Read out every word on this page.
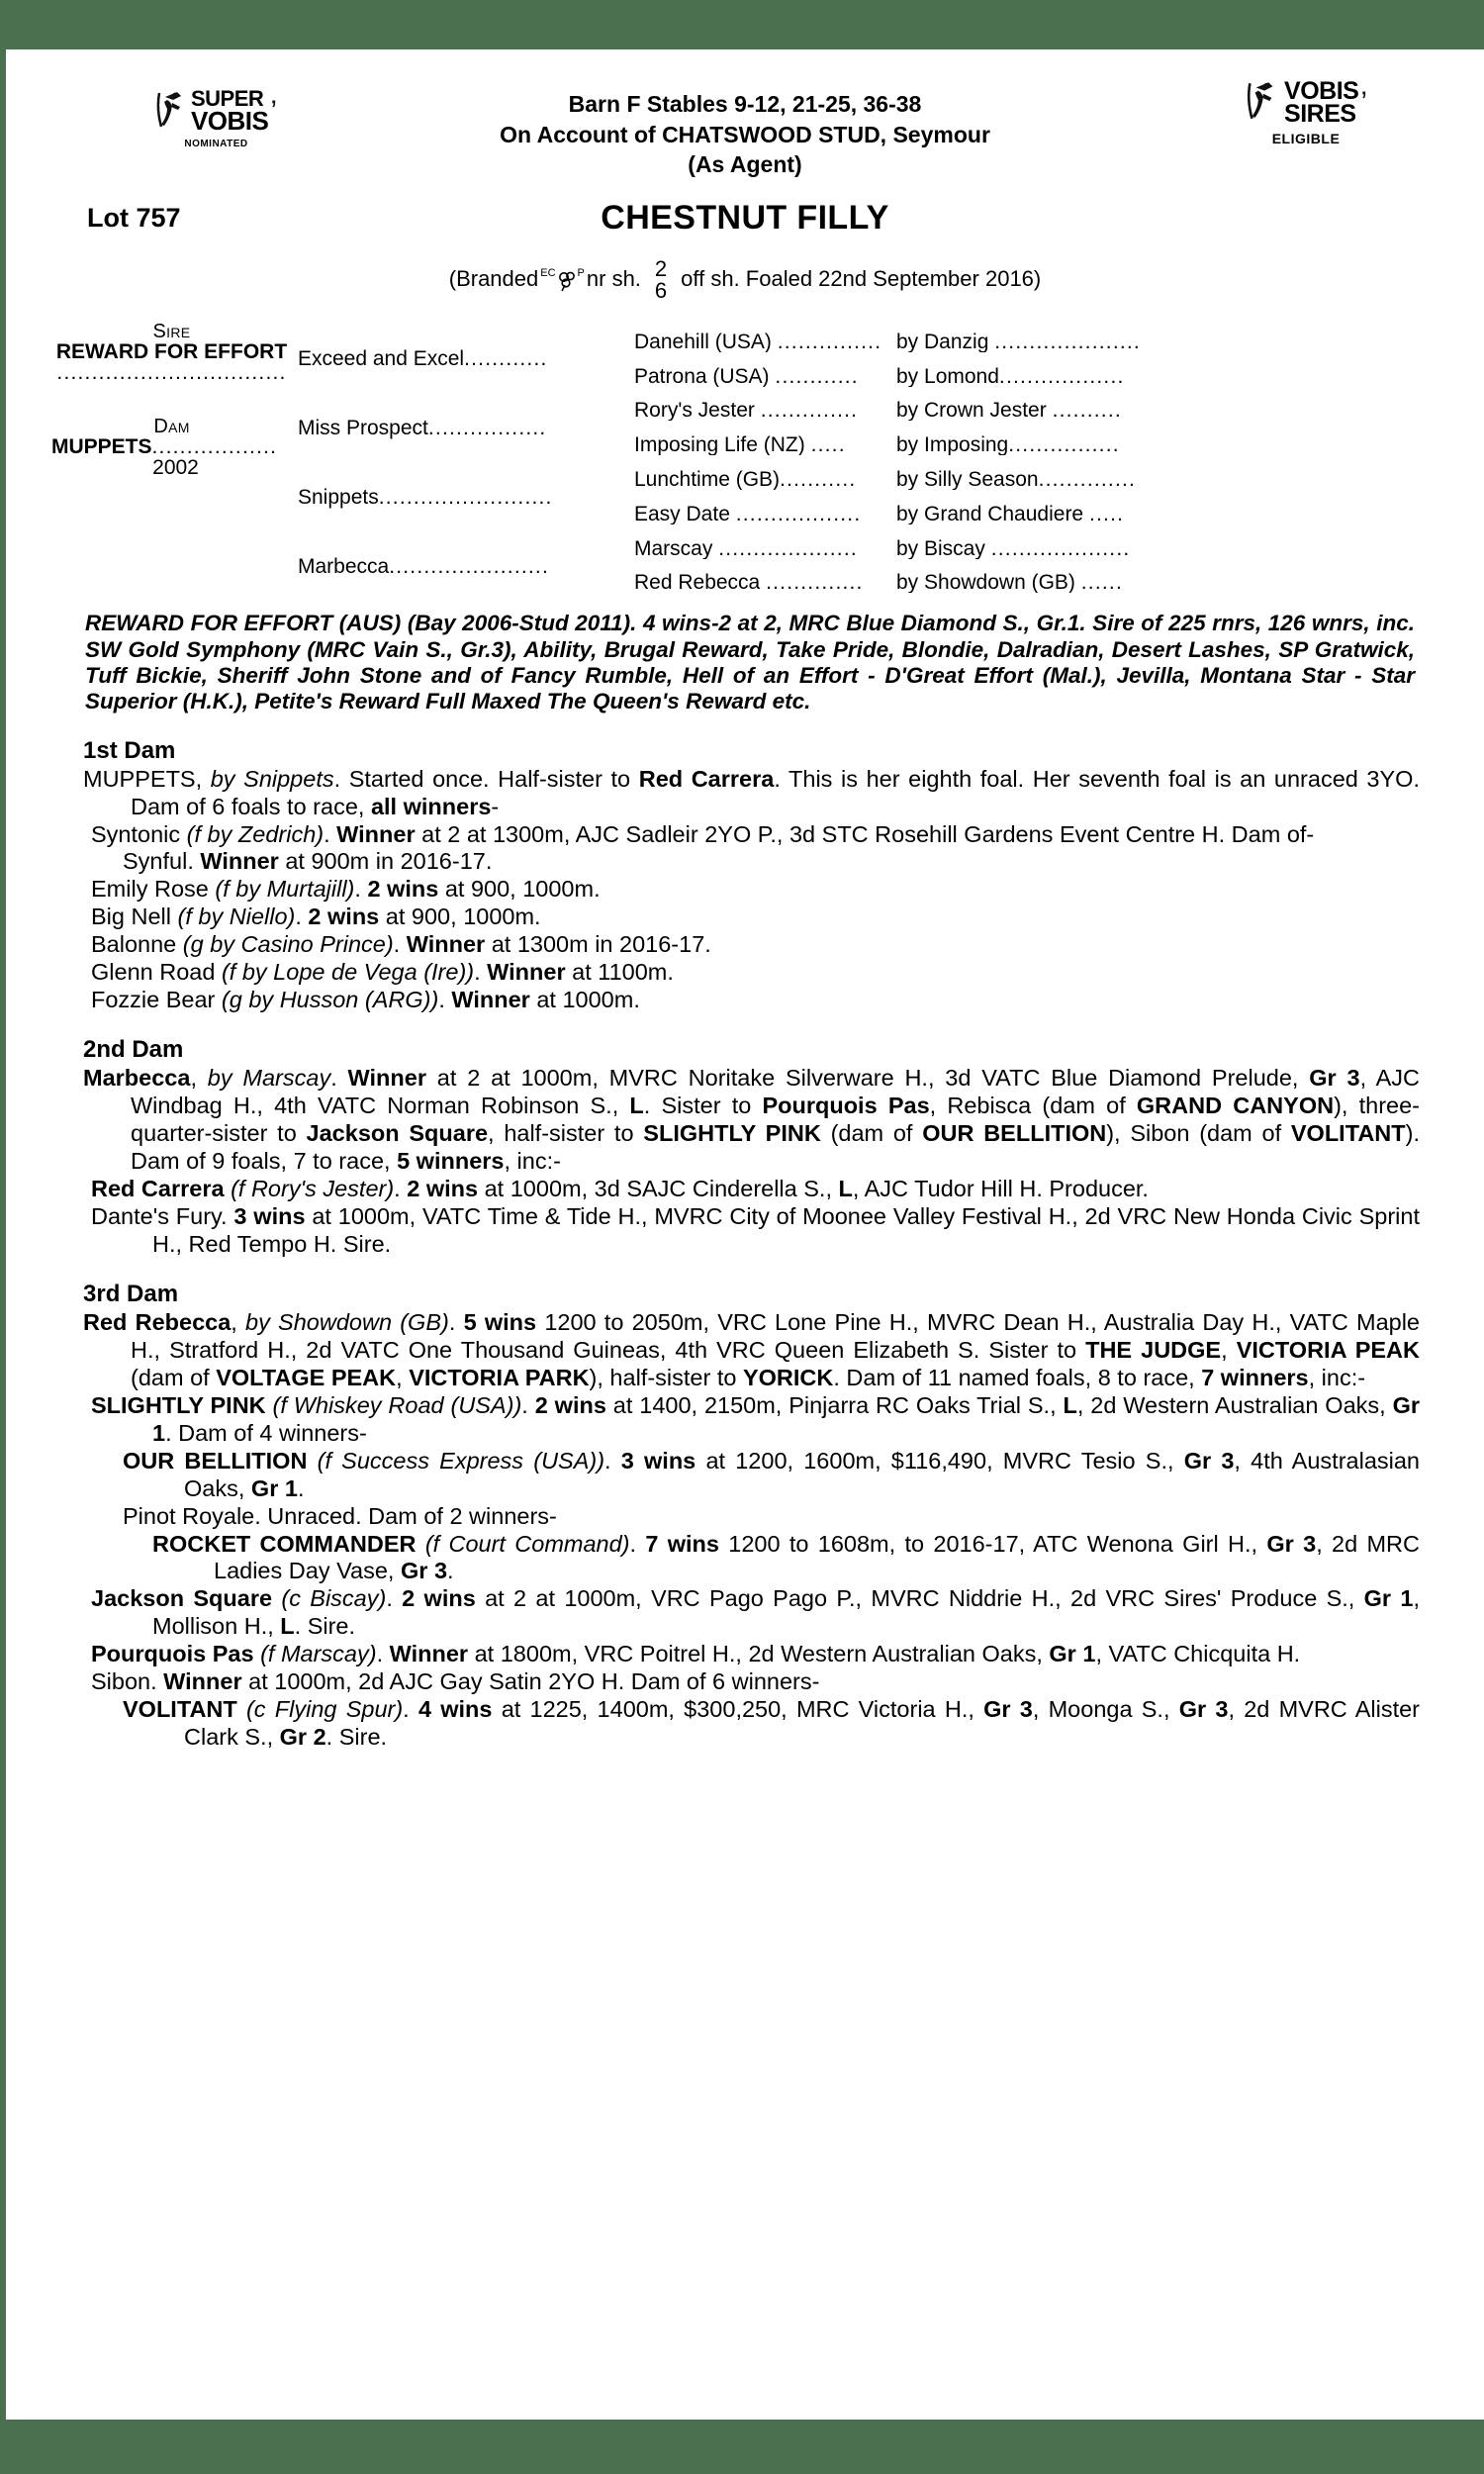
SUPER
VOBIS ’
NOMINATED
Barn F Stables 9-12, 21-25, 36-38
On Account of CHATSWOOD STUD, Seymour
(As Agent)
VOBIS
SIRES ’
ELIGIBLE
Lot 757	CHESTNUT FILLY
(Branded EC P nr sh. 2
6 off sh. Foaled 22nd September 2016)
Sire
REWARD FOR EFFORT
.................................
Dam
MUPPETS..................
2002
Exceed and Excel ............
Miss Prospect .................
Snippets .........................
Marbecca .......................
Danehill (USA) ............... by Danzig .....................
Patrona (USA) ............	by Lomond..................
Rory's Jester ..............	by Crown Jester ..........
Imposing Life (NZ) .....	by Imposing................
Lunchtime (GB)...........	by Silly Season..............
Easy Date ..................	by Grand Chaudiere .....
Marscay ....................	by Biscay ....................
Red Rebecca ..............	by Showdown (GB) ......
REWARD FOR EFFORT (AUS) (Bay 2006-Stud 2011). 4 wins-2 at 2, MRC Blue Diamond S., Gr.1. Sire of 225 rnrs, 126 wnrs, inc. SW Gold Symphony (MRC Vain S., Gr.3), Ability, Brugal Reward, Take Pride, Blondie, Dalradian, Desert Lashes, SP Gratwick, Tuff Bickie, Sheriff John Stone and of Fancy Rumble, Hell of an Effort - D'Great Effort (Mal.), Jevilla, Montana Star - Star Superior (H.K.), Petite's Reward Full Maxed The Queen's Reward etc.
1st Dam
MUPPETS, by Snippets. Started once. Half-sister to Red Carrera. This is her eighth foal. Her seventh foal is an unraced 3YO. Dam of 6 foals to race, all winners-
Syntonic (f by Zedrich). Winner at 2 at 1300m, AJC Sadleir 2YO P., 3d STC Rosehill Gardens Event Centre H. Dam of-
Synful. Winner at 900m in 2016-17.
Emily Rose (f by Murtajill). 2 wins at 900, 1000m.
Big Nell (f by Niello). 2 wins at 900, 1000m.
Balonne (g by Casino Prince). Winner at 1300m in 2016-17.
Glenn Road (f by Lope de Vega (Ire)). Winner at 1100m.
Fozzie Bear (g by Husson (ARG)). Winner at 1000m.
2nd Dam
Marbecca, by Marscay. Winner at 2 at 1000m, MVRC Noritake Silverware H., 3d VATC Blue Diamond Prelude, Gr 3, AJC Windbag H., 4th VATC Norman Robinson S., L. Sister to Pourquois Pas, Rebisca (dam of GRAND CANYON), three-quarter-sister to Jackson Square, half-sister to SLIGHTLY PINK (dam of OUR BELLITION), Sibon (dam of VOLITANT). Dam of 9 foals, 7 to race, 5 winners, inc:-
Red Carrera (f Rory's Jester). 2 wins at 1000m, 3d SAJC Cinderella S., L, AJC Tudor Hill H. Producer.
Dante's Fury. 3 wins at 1000m, VATC Time & Tide H., MVRC City of Moonee Valley Festival H., 2d VRC New Honda Civic Sprint H., Red Tempo H. Sire.
3rd Dam
Red Rebecca, by Showdown (GB). 5 wins 1200 to 2050m, VRC Lone Pine H., MVRC Dean H., Australia Day H., VATC Maple H., Stratford H., 2d VATC One Thousand Guineas, 4th VRC Queen Elizabeth S. Sister to THE JUDGE, VICTORIA PEAK (dam of VOLTAGE PEAK, VICTORIA PARK), half-sister to YORICK. Dam of 11 named foals, 8 to race, 7 winners, inc:-
SLIGHTLY PINK (f Whiskey Road (USA)). 2 wins at 1400, 2150m, Pinjarra RC Oaks Trial S., L, 2d Western Australian Oaks, Gr 1. Dam of 4 winners-
OUR BELLITION (f Success Express (USA)). 3 wins at 1200, 1600m, $116,490, MVRC Tesio S., Gr 3, 4th Australasian Oaks, Gr 1.
Pinot Royale. Unraced. Dam of 2 winners-
ROCKET COMMANDER (f Court Command). 7 wins 1200 to 1608m, to 2016-17, ATC Wenona Girl H., Gr 3, 2d MRC Ladies Day Vase, Gr 3.
Jackson Square (c Biscay). 2 wins at 2 at 1000m, VRC Pago Pago P., MVRC Niddrie H., 2d VRC Sires' Produce S., Gr 1, Mollison H., L. Sire.
Pourquois Pas (f Marscay). Winner at 1800m, VRC Poitrel H., 2d Western Australian Oaks, Gr 1, VATC Chicquita H.
Sibon. Winner at 1000m, 2d AJC Gay Satin 2YO H. Dam of 6 winners-
VOLITANT (c Flying Spur). 4 wins at 1225, 1400m, $300,250, MRC Victoria H., Gr 3, Moonga S., Gr 3, 2d MVRC Alister Clark S., Gr 2. Sire.
